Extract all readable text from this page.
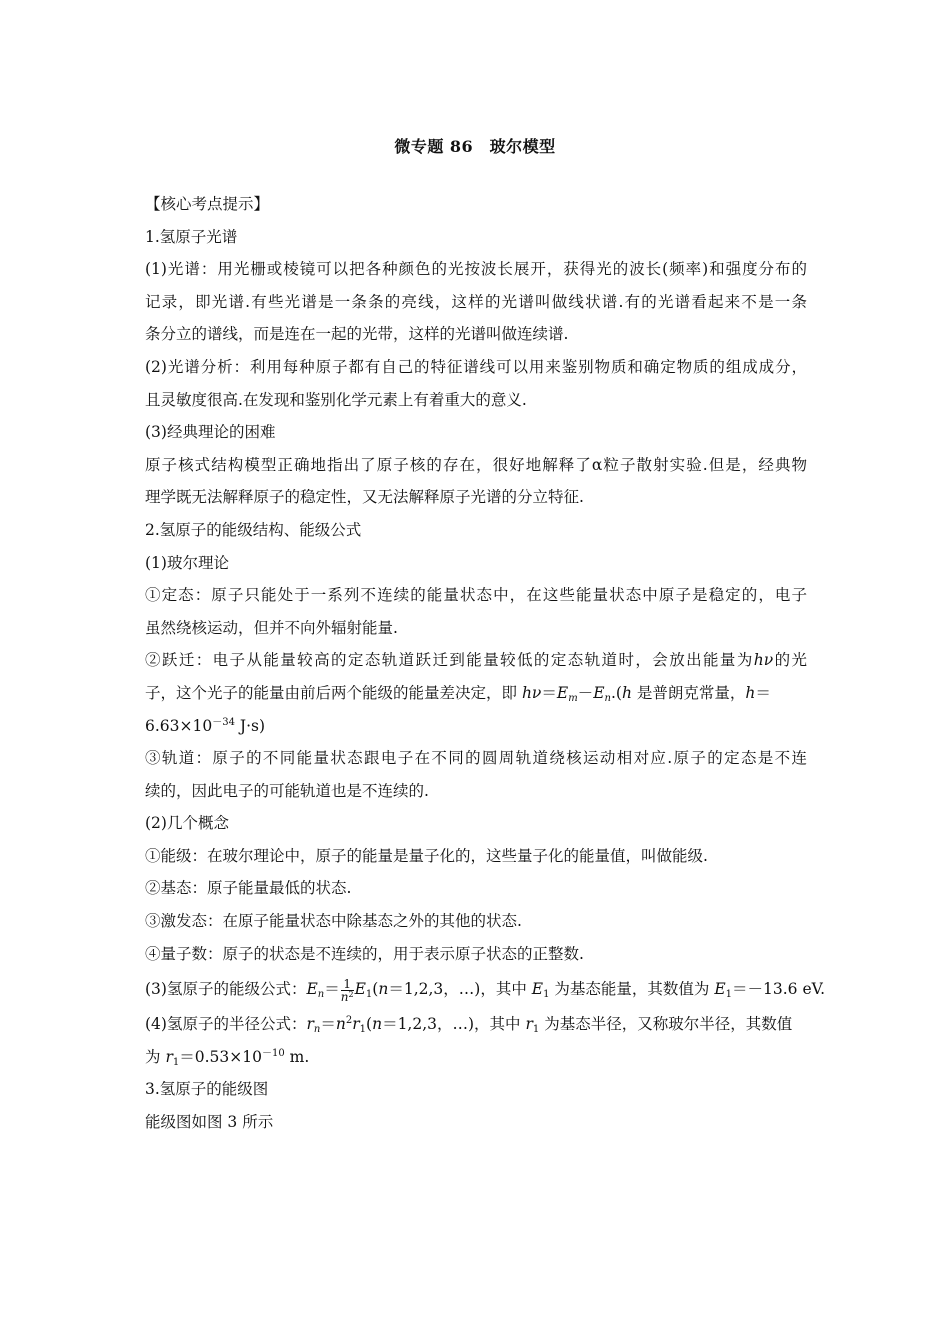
微专题 86　玻尔模型
【核心考点提示】
1.氢原子光谱
(1)光谱：用光栅或棱镜可以把各种颜色的光按波长展开，获得光的波长(频率)和强度分布的
记录，即光谱.有些光谱是一条条的亮线，这样的光谱叫做线状谱.有的光谱看起来不是一条
条分立的谱线，而是连在一起的光带，这样的光谱叫做连续谱.
(2)光谱分析：利用每种原子都有自己的特征谱线可以用来鉴别物质和确定物质的组成成分，
且灵敏度很高.在发现和鉴别化学元素上有着重大的意义.
(3)经典理论的困难
原子核式结构模型正确地指出了原子核的存在，很好地解释了α粒子散射实验.但是，经典物
理学既无法解释原子的稳定性，又无法解释原子光谱的分立特征.
2.氢原子的能级结构、能级公式
(1)玻尔理论
①定态：原子只能处于一系列不连续的能量状态中，在这些能量状态中原子是稳定的，电子
虽然绕核运动，但并不向外辐射能量.
②跃迁：电子从能量较高的定态轨道跃迁到能量较低的定态轨道时，会放出能量为hν的光
子，这个光子的能量由前后两个能级的能量差决定，即 $h\nu=E_m-E_n.(h$ 是普朗克常量，h＝
$6.63\times 10^{-34}$ J·s)
③轨道：原子的不同能量状态跟电子在不同的圆周轨道绕核运动相对应.原子的定态是不连
续的，因此电子的可能轨道也是不连续的.
(2)几个概念
①能级：在玻尔理论中，原子的能量是量子化的，这些量子化的能量值，叫做能级.
②基态：原子能量最低的状态.
③激发态：在原子能量状态中除基态之外的其他的状态.
④量子数：原子的状态是不连续的，用于表示原子状态的正整数.
(3)氢原子的能级公式：$E_n= \frac{1}{n^2} E_1(n=1,2,3$，…)，其中 $E_1$ 为基态能量，其数值为 $E_1=-13.6$ eV.
(4)氢原子的半径公式：$r_n=n^2r_1(n=1,2,3$，…)，其中 $r_1$ 为基态半径，又称玻尔半径，其数值
为 $r_1=0.53\times 10^{-10}$ m.
3.氢原子的能级图
能级图如图 3 所示
